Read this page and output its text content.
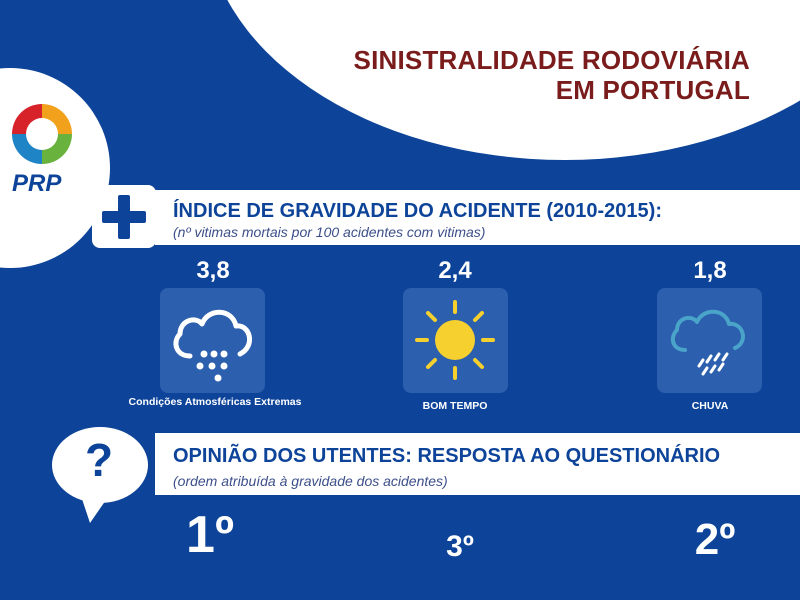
SINISTRALIDADE RODOVIÁRIA
EM PORTUGAL
PRP
ÍNDICE DE GRAVIDADE DO ACIDENTE (2010-2015):
(nº vitimas mortais por 100 acidentes com vitimas)
3,8	2,4	1,8
Condições Atmosféricas Extremas	BOM TEMPO	CHUVA
?	OPINIÃO DOS UTENTES: RESPOSTA AO QUESTIONÁRIO
(ordem atribuída à gravidade dos acidentes)
1º	3º	2º
